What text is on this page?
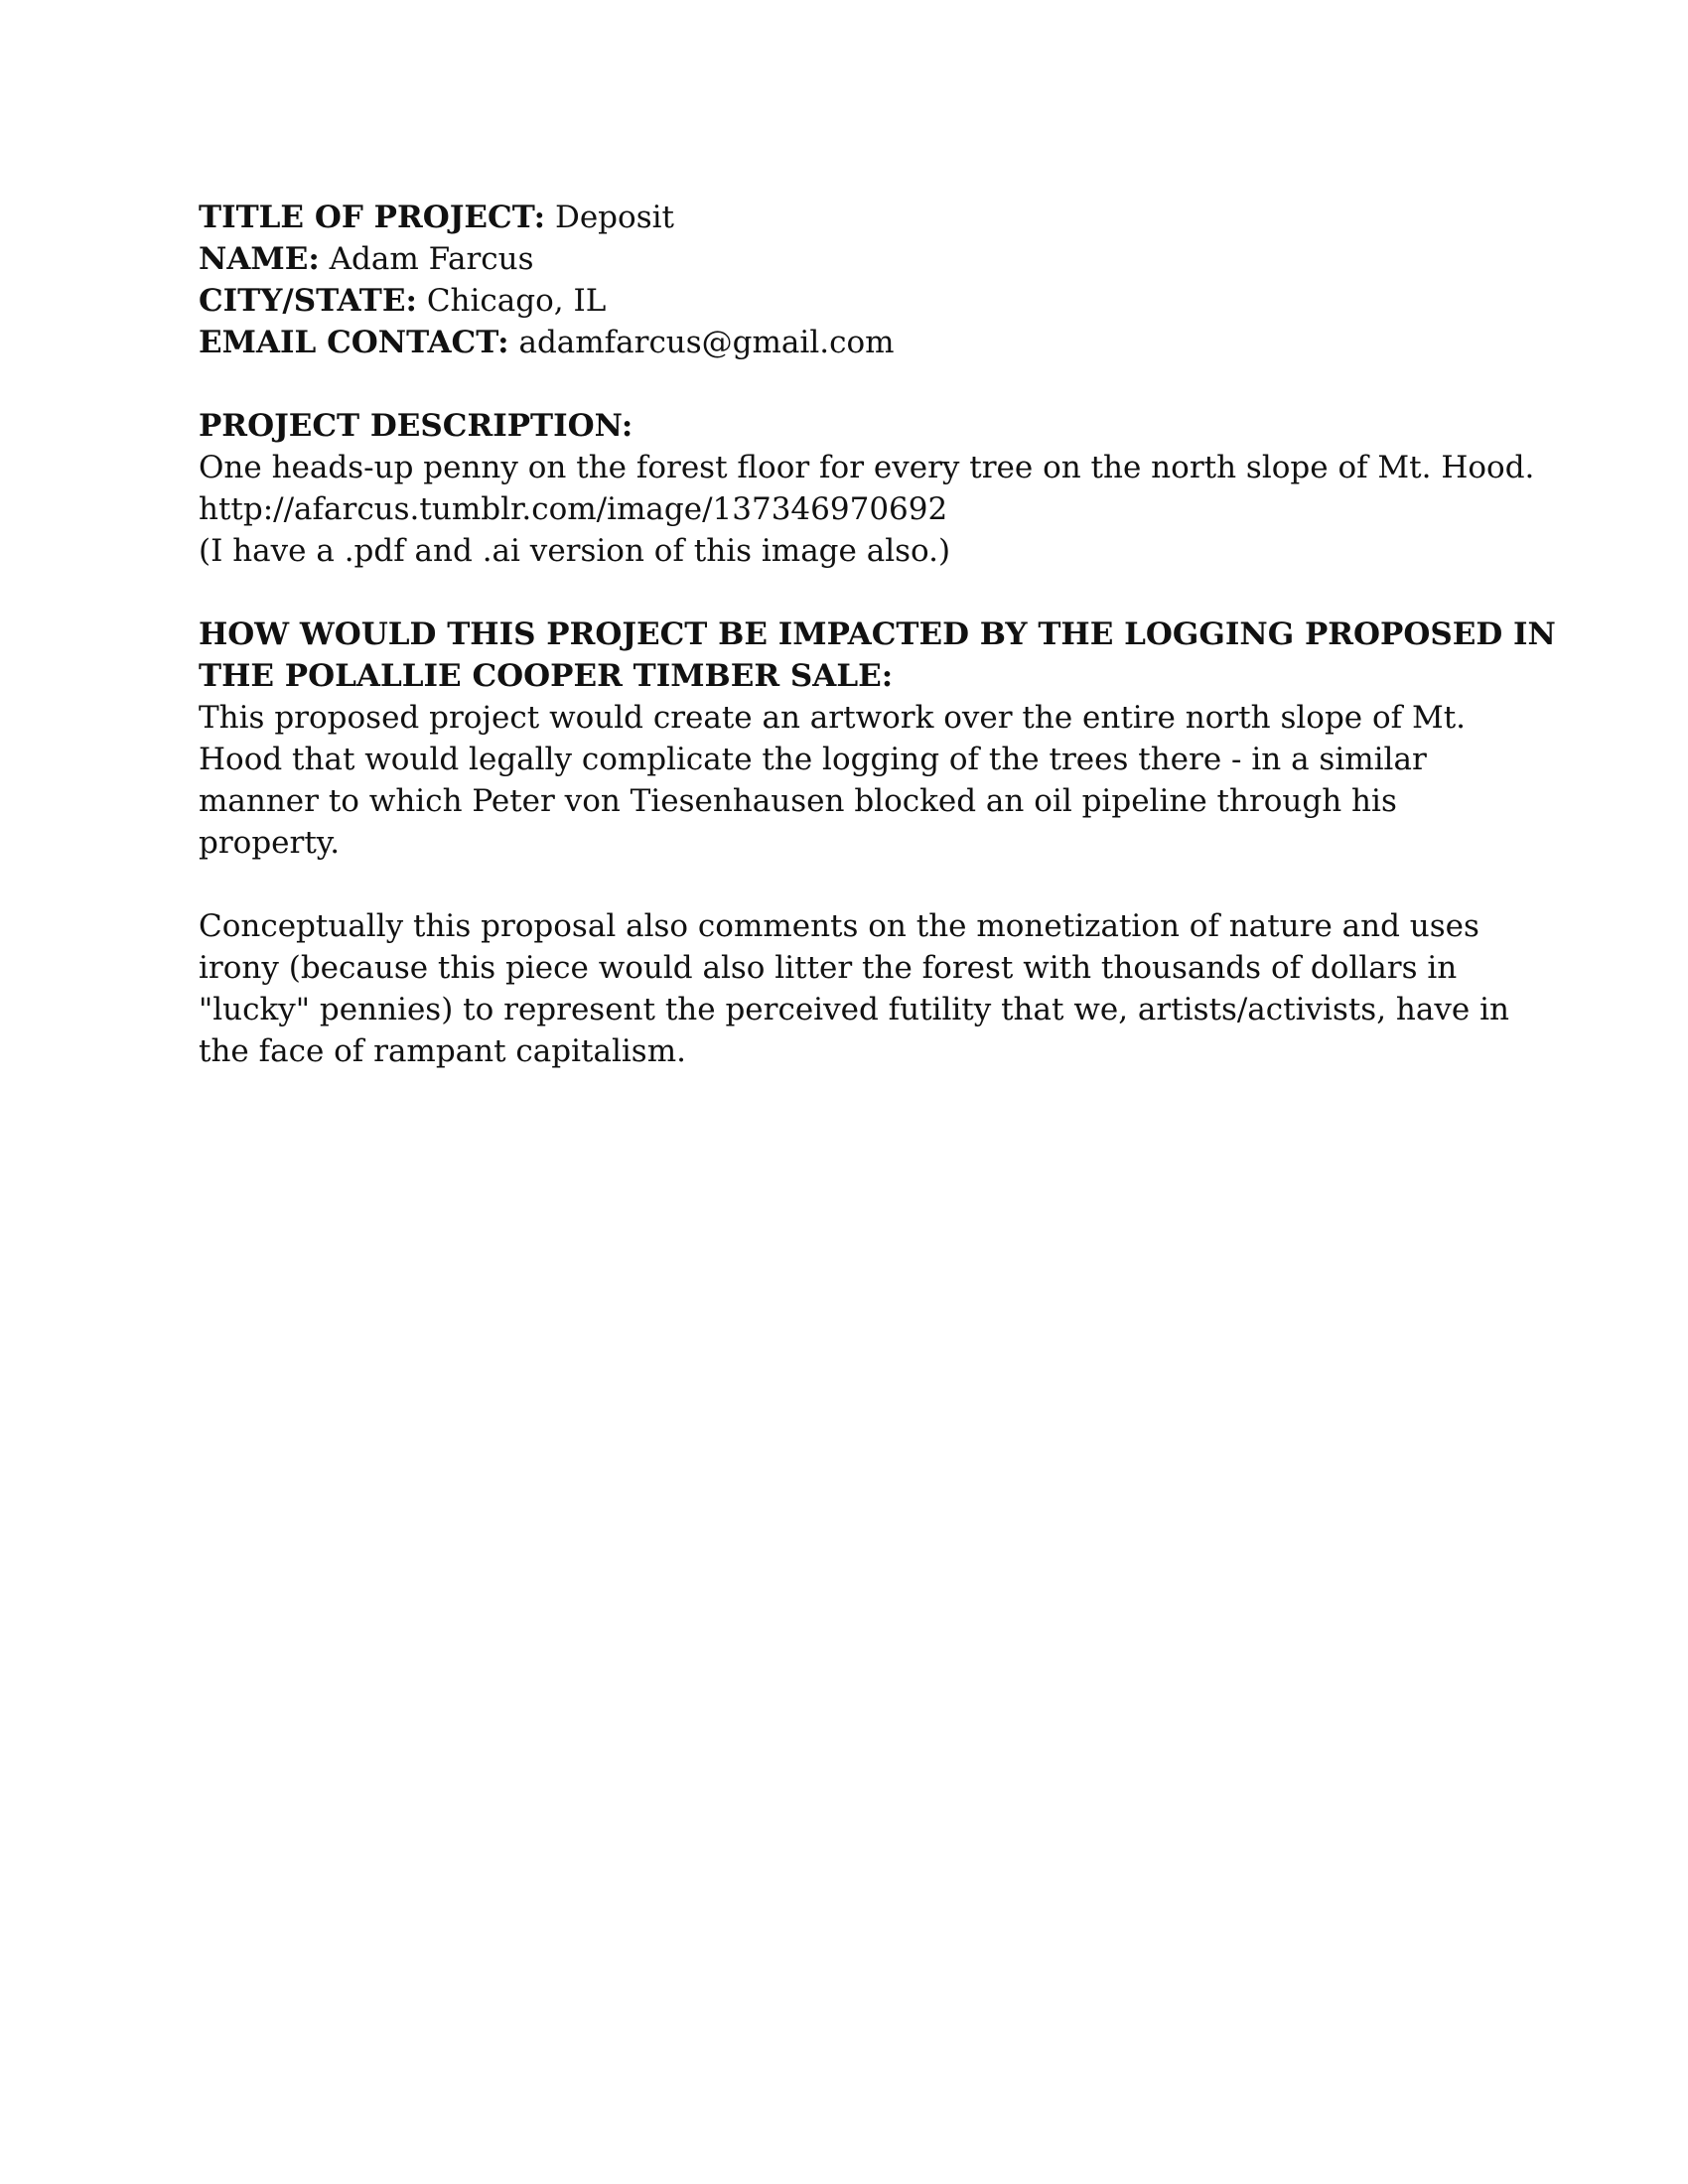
TITLE OF PROJECT: Deposit
NAME: Adam Farcus
CITY/STATE: Chicago, IL
EMAIL CONTACT: adamfarcus@gmail.com
PROJECT DESCRIPTION:
One heads-up penny on the forest floor for every tree on the north slope of Mt. Hood.
http://afarcus.tumblr.com/image/137346970692
(I have a .pdf and .ai version of this image also.)
HOW WOULD THIS PROJECT BE IMPACTED BY THE LOGGING PROPOSED IN
THE POLALLIE COOPER TIMBER SALE:
This proposed project would create an artwork over the entire north slope of Mt.
Hood that would legally complicate the logging of the trees there - in a similar
manner to which Peter von Tiesenhausen blocked an oil pipeline through his
property.
Conceptually this proposal also comments on the monetization of nature and uses
irony (because this piece would also litter the forest with thousands of dollars in
"lucky" pennies) to represent the perceived futility that we, artists/activists, have in
the face of rampant capitalism.
